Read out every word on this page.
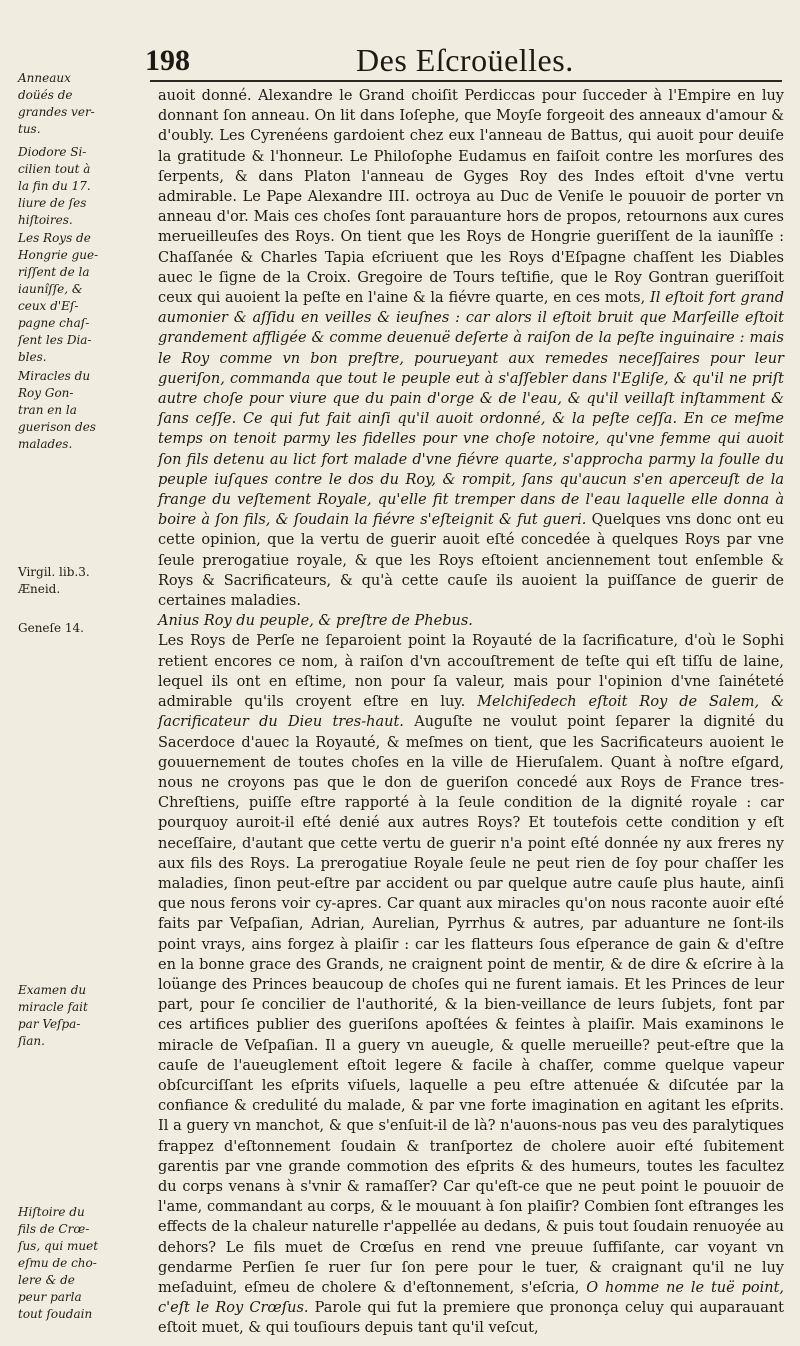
198	Des Eſcroüelles.
Anneaux
doüés de
grandes ver-
tus.
Diodore Si-
cilien tout à
la fin du 17.
liure de ſes
hiſtoires.
Les Roys de
Hongrie gue-
riſſent de la
iaunîſſe, &
ceux d'Eſ-
pagne chaſ-
ſent les Dia-
bles.
Miracles du
Roy Gon-
tran en la
guerison des
malades.
Virgil. lib.3.
Æneid.
Geneſe 14.
Examen du
miracle fait
par Veſpa-
ſian.
Hiſtoire du
fils de Crœ-
ſus, qui muet
eſmu de cho-
lere & de
peur parla
tout ſoudain

auoit donné. Alexandre le Grand choiſit Perdiccas pour ſucceder à l'Empire en luy donnant ſon anneau. On lit dans Ioſephe, que Moyſe forgeoit des anneaux d'amour & d'oubly. Les Cyrenéens gardoient chez eux l'anneau de Battus, qui auoit pour deuiſe la gratitude & l'honneur. Le Philoſophe Eudamus en faiſoit contre les morſures des ſerpents, & dans Platon l'anneau de Gyges Roy des Indes eſtoit d'vne vertu admirable. Le Pape Alexandre III. octroya au Duc de Veniſe le pouuoir de porter vn anneau d'or. Mais ces choſes ſont parauanture hors de propos, retournons aux cures merueilleuſes des Roys. On tient que les Roys de Hongrie gueriſſent de la iaunîſſe : Chaſſanée & Charles Tapia eſcriuent que les Roys d'Eſpagne chaſſent les Diables auec le ſigne de la Croix. Gregoire de Tours teſtifie, que le Roy Gontran gueriſſoit ceux qui auoient la peſte en l'aine & la fiévre quarte, en ces mots, Il eſtoit fort grand aumonier & aſſidu en veilles & ieuſnes : car alors il eſtoit bruit que Marſeille eſtoit grandement affligée & comme deuenuë deſerte à raiſon de la peſte inguinaire : mais le Roy comme vn bon preſtre, pourueyant aux remedes neceſſaires pour leur gueriſon, commanda que tout le peuple eut à s'aſſebler dans l'Egliſe, & qu'il ne priſt autre choſe pour viure que du pain d'orge & de l'eau, & qu'il veillaſt inſtamment & ſans ceſſe. Ce qui fut fait ainſi qu'il auoit ordonné, & la peſte ceſſa. En ce meſme temps on tenoit parmy les fidelles pour vne choſe notoire, qu'vne femme qui auoit ſon fils detenu au lict fort malade d'vne fiévre quarte, s'approcha parmy la foulle du peuple iuſques contre le dos du Roy, & rompit, ſans qu'aucun s'en aperceuſt de la frange du veſtement Royale, qu'elle fit tremper dans de l'eau laquelle elle donna à boire à ſon fils, & ſoudain la fiévre s'eſteignit & fut gueri. Quelques vns donc ont eu cette opinion, que la vertu de guerir auoit eſté concedée à quelques Roys par vne ſeule prerogatiue royale, & que les Roys eſtoient anciennement tout enſemble & Roys & Sacrificateurs, & qu'à cette cauſe ils auoient la puiſſance de guerir de certaines maladies.

Anius Roy du peuple, & preſtre de Phebus.

Les Roys de Perſe ne ſeparoient point la Royauté de la ſacrificature, d'où le Sophi retient encores ce nom, à raiſon d'vn accouſtrement de teſte qui eſt tiſſu de laine, lequel ils ont en eſtime, non pour ſa valeur, mais pour l'opinion d'vne ſainéteté admirable qu'ils croyent eſtre en luy. Melchiſedech eſtoit Roy de Salem, & ſacrificateur du Dieu tres-haut. Auguſte ne voulut point ſeparer la dignité du Sacerdoce d'auec la Royauté, & meſmes on tient, que les Sacrificateurs auoient le gouuernement de toutes choſes en la ville de Hieruſalem. Quant à noſtre eſgard, nous ne croyons pas que le don de gueriſon concedé aux Roys de France tres-Chreſtiens, puiſſe eſtre rapporté à la ſeule condition de la dignité royale : car pourquoy auroit-il eſté denié aux autres Roys? Et toutefois cette condition y eſt neceſſaire, d'autant que cette vertu de guerir n'a point eſté donnée ny aux freres ny aux fils des Roys. La prerogatiue Royale ſeule ne peut rien de ſoy pour chaſſer les maladies, ſinon peut-eſtre par accident ou par quelque autre cauſe plus haute, ainſi que nous ferons voir cy-apres. Car quant aux miracles qu'on nous raconte auoir eſté faits par Veſpaſian, Adrian, Aurelian, Pyrrhus & autres, par aduanture ne ſont-ils point vrays, ains forgez à plaiſir : car les flatteurs ſous eſperance de gain & d'eſtre en la bonne grace des Grands, ne craignent point de mentir, & de dire & eſcrire à la loüange des Princes beaucoup de choſes qui ne furent iamais. Et les Princes de leur part, pour ſe concilier de l'authorité, & la bien-veillance de leurs ſubjets, font par ces artifices publier des gueriſons apoſtées & feintes à plaiſir. Mais examinons le miracle de Veſpaſian. Il a guery vn aueugle, & quelle merueille? peut-eſtre que la cauſe de l'aueuglement eſtoit legere & facile à chaſſer, comme quelque vapeur obſcurciſſant les eſprits viſuels, laquelle a peu eſtre attenuée & diſcutée par la confiance & credulité du malade, & par vne forte imagination en agitant les eſprits. Il a guery vn manchot, & que s'enſuit-il de là? n'auons-nous pas veu des paralytiques frappez d'eſtonnement ſoudain & tranſportez de cholere auoir eſté ſubitement garentis par vne grande commotion des eſprits & des humeurs, toutes les facultez du corps venans à s'vnir & ramaſſer? Car qu'eſt-ce que ne peut point le pouuoir de l'ame, commandant au corps, & le mouuant à ſon plaiſir? Combien ſont eſtranges les effects de la chaleur naturelle r'appellée au dedans, & puis tout ſoudain renuoyée au dehors? Le fils muet de Crœſus en rend vne preuue ſuffiſante, car voyant vn gendarme Perſien ſe ruer ſur ſon pere pour le tuer, & craignant qu'il ne luy meſaduint, eſmeu de cholere & d'eſtonnement, s'eſcria, O homme ne le tuë point, c'eſt le Roy Crœſus. Parole qui fut la premiere que prononça celuy qui auparauant eſtoit muet, & qui touſiours depuis tant qu'il veſcut,
